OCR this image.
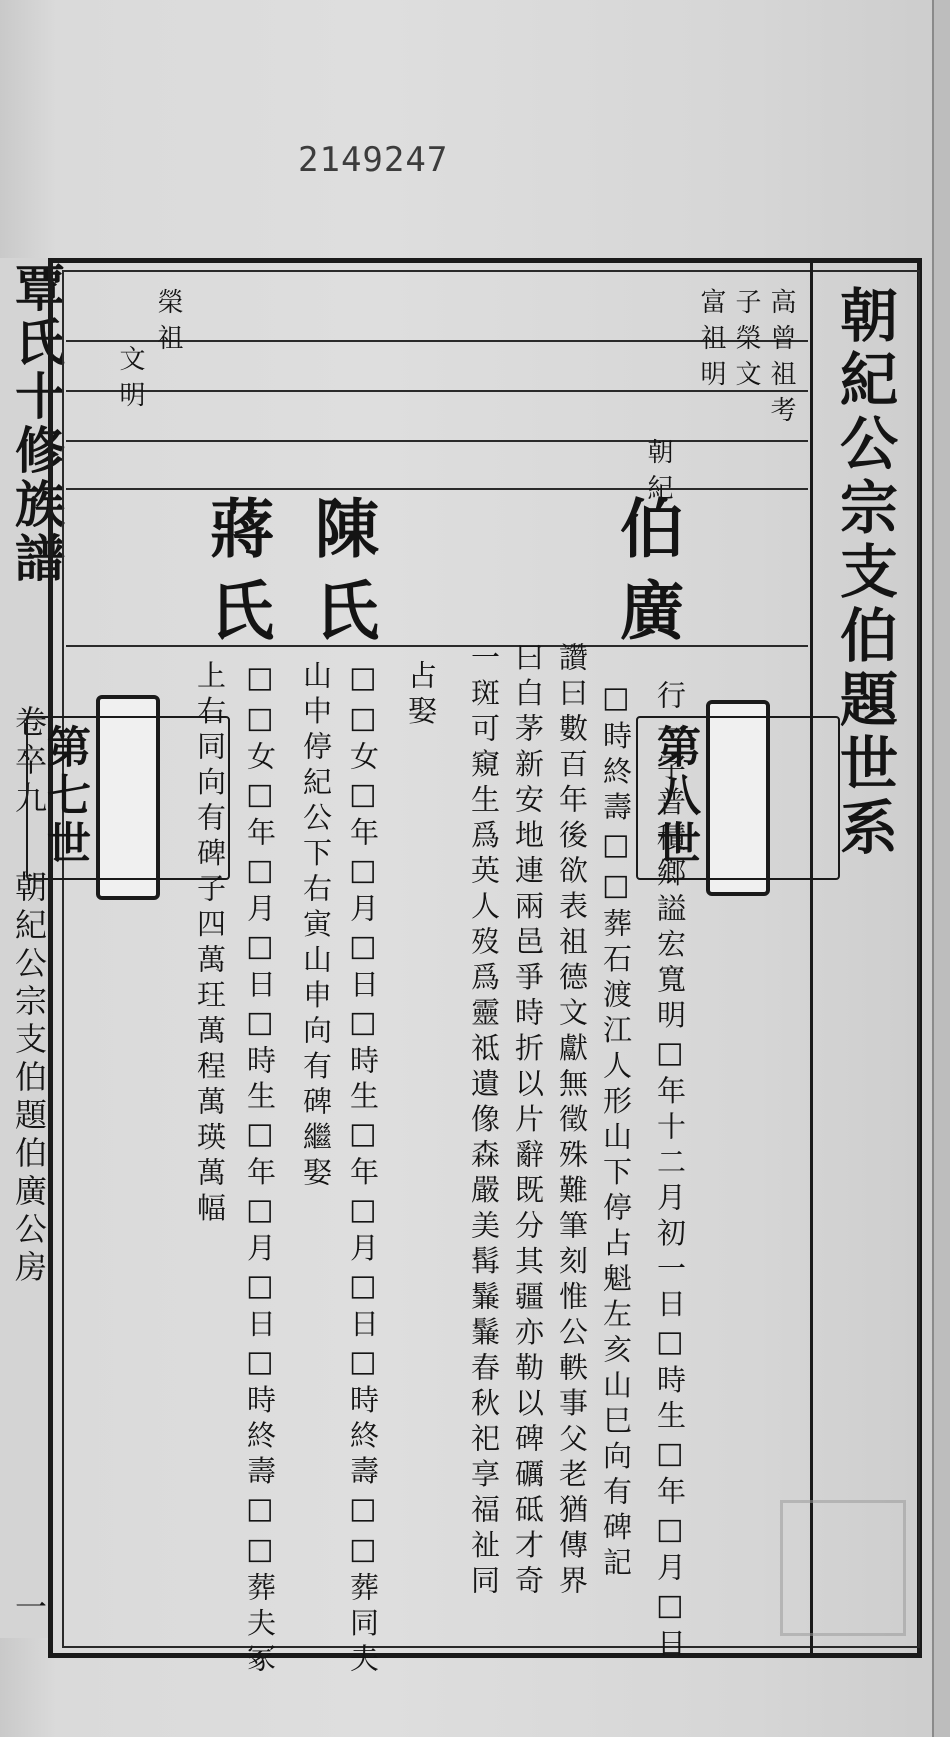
2149247
覃氏十修族譜
卷卒九
朝紀公宗支伯題伯廣公房
一
朝紀公宗支伯題世系
高曾祖考
子榮文
富祖明
朝紀
榮祖
文明
伯廣
陳氏
蔣氏
第八世
第七世	行一字普積鄉謚宏寬明□年十二月初一日□時生□年□月□日
□時終壽□□葬石渡江人形山下停占魁左亥山巳向有碑記
讚曰數百年後欲表祖德文獻無徵殊難筆刻惟公軼事父老猶傳界
曰白茅新安地連兩邑爭時折以片辭既分其疆亦勒以碑礪砥才奇
一斑可窺生爲英人歿爲靈祗遺像森嚴美髯鬑鬑春秋祀享福祉同
占娶
□□女□年□月□日□時生□年□月□日□時終壽□□葬同夫
山中停紀公下右寅山申向有碑繼娶
□□女□年□月□日□時生□年□月□日□時終壽□□葬夫冢
上右同向有碑子四萬玨萬程萬瑛萬幅
